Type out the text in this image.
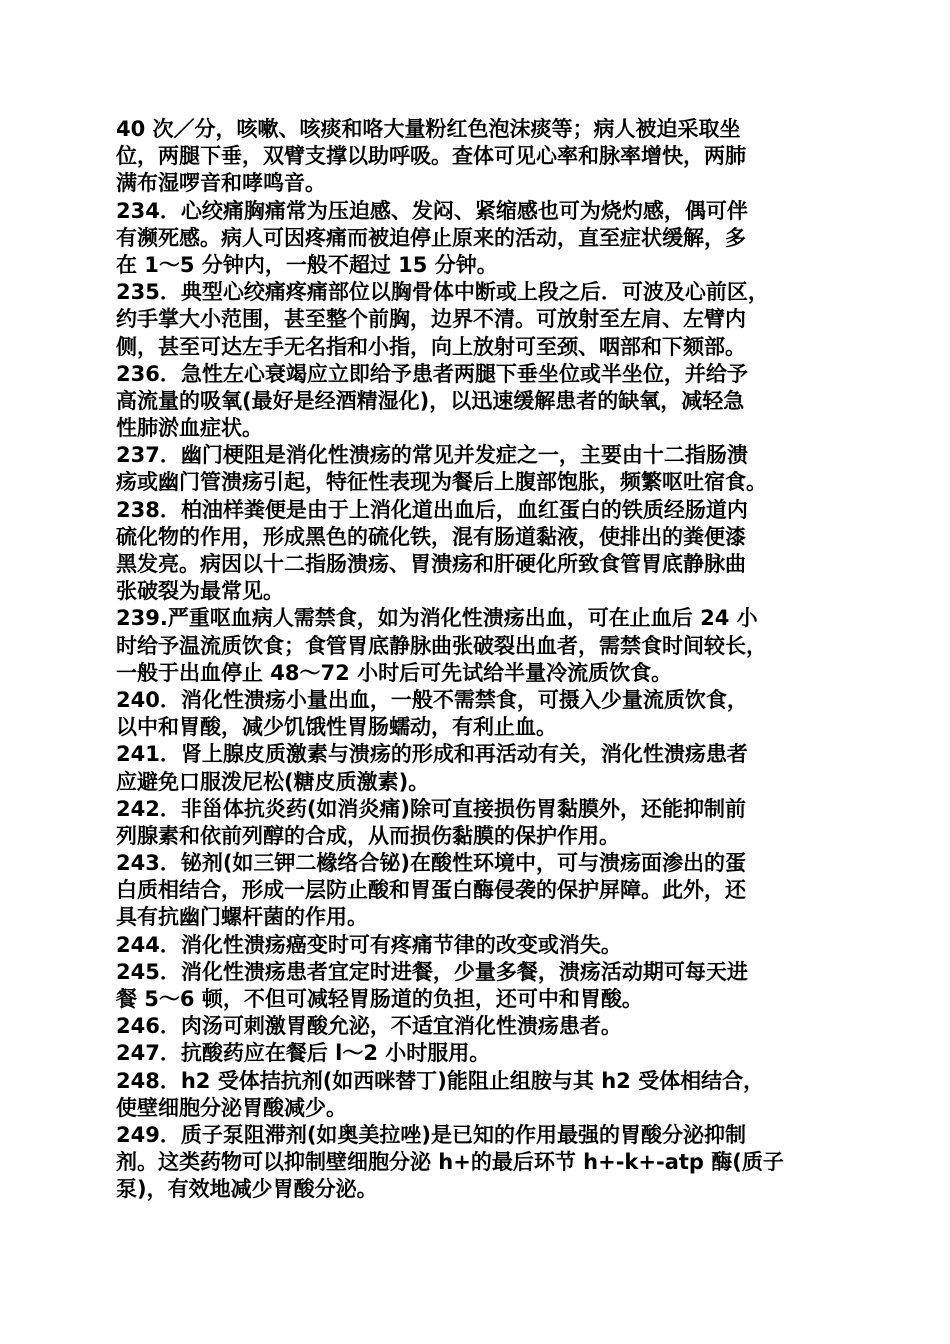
40 次／分，咳嗽、咳痰和咯大量粉红色泡沫痰等；病人被迫采取坐
位，两腿下垂，双臂支撑以助呼吸。查体可见心率和脉率增快，两肺
满布湿啰音和哮鸣音。
234．心绞痛胸痛常为压迫感、发闷、紧缩感也可为烧灼感，偶可伴
有濒死感。病人可因疼痛而被迫停止原来的活动，直至症状缓解，多
在 1～5 分钟内，一般不超过 15 分钟。
235．典型心绞痛疼痛部位以胸骨体中断或上段之后．可波及心前区，
约手掌大小范围，甚至整个前胸，边界不清。可放射至左肩、左臂内
侧，甚至可达左手无名指和小指，向上放射可至颈、咽部和下颏部。
236．急性左心衰竭应立即给予患者两腿下垂坐位或半坐位，并给予
高流量的吸氧(最好是经酒精湿化)，以迅速缓解患者的缺氧，减轻急
性肺淤血症状。
237．幽门梗阻是消化性溃疡的常见并发症之一，主要由十二指肠溃
疡或幽门管溃疡引起，特征性表现为餐后上腹部饱胀，频繁呕吐宿食。
238．柏油样粪便是由于上消化道出血后，血红蛋白的铁质经肠道内
硫化物的作用，形成黑色的硫化铁，混有肠道黏液，使排出的粪便漆
黑发亮。病因以十二指肠溃疡、胃溃疡和肝硬化所致食管胃底静脉曲
张破裂为最常见。
239.严重呕血病人需禁食，如为消化性溃疡出血，可在止血后 24 小
时给予温流质饮食；食管胃底静脉曲张破裂出血者，需禁食时间较长，
一般于出血停止 48～72 小时后可先试给半量冷流质饮食。
240．消化性溃疡小量出血，一般不需禁食，可摄入少量流质饮食，
以中和胃酸，减少饥饿性胃肠蠕动，有利止血。
241．肾上腺皮质激素与溃疡的形成和再活动有关，消化性溃疡患者
应避免口服泼尼松(糖皮质激素)。
242．非甾体抗炎药(如消炎痛)除可直接损伤胃黏膜外，还能抑制前
列腺素和依前列醇的合成，从而损伤黏膜的保护作用。
243．铋剂(如三钾二橼络合铋)在酸性环境中，可与溃疡面渗出的蛋
白质相结合，形成一层防止酸和胃蛋白酶侵袭的保护屏障。此外，还
具有抗幽门螺杆菌的作用。
244．消化性溃疡癌变时可有疼痛节律的改变或消失。
245．消化性溃疡患者宜定时进餐，少量多餐，溃疡活动期可每天进
餐 5～6 顿，不但可减轻胃肠道的负担，还可中和胃酸。
246．肉汤可刺激胃酸允泌，不适宜消化性溃疡患者。
247．抗酸药应在餐后 l～2 小时服用。
248．h2 受体拮抗剂(如西咪替丁)能阻止组胺与其 h2 受体相结合，
使壁细胞分泌胃酸减少。
249．质子泵阻滞剂(如奥美拉唑)是已知的作用最强的胃酸分泌抑制
剂。这类药物可以抑制壁细胞分泌 h+的最后环节 h+-k+-atp 酶(质子
泵)，有效地减少胃酸分泌。
